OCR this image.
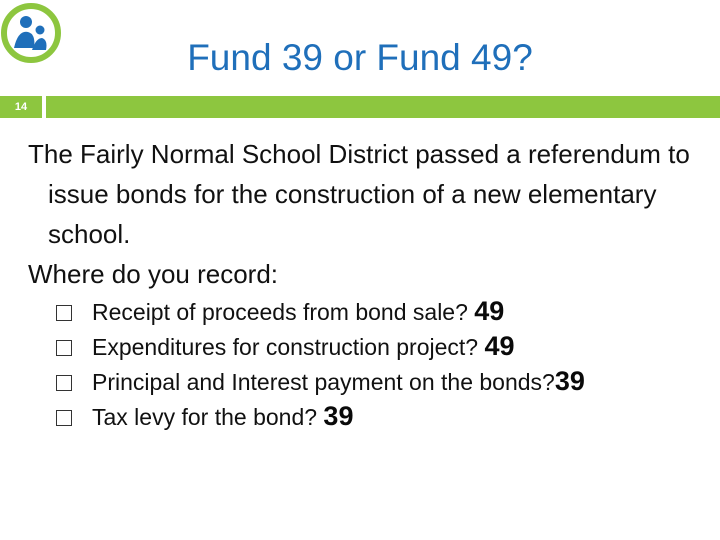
Fund 39 or Fund 49?
14

The Fairly Normal School District passed a referendum to issue bonds for the construction of a new elementary school.

Where do you record:

Receipt of proceeds from bond sale? 49
Expenditures for construction project? 49
Principal and Interest payment on the bonds?39
Tax levy for the bond? 39
